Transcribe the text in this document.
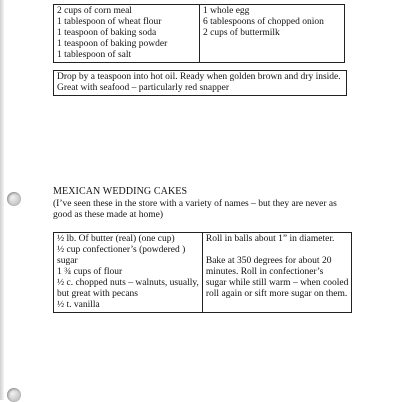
2 cups of corn meal
1 tablespoon of wheat flour
1 teaspoon of baking soda
1 teaspoon of baking powder
1 tablespoon of salt

1 whole egg
6 tablespoons of chopped onion
2 cups of buttermilk
Drop by a teaspoon into hot oil. Ready when golden brown and dry inside.
Great with seafood – particularly red snapper
MEXICAN WEDDING CAKES
(I’ve seen these in the store with a variety of names – but they are never as
good as these made at home)
½ lb. Of butter (real) (one cup)
½ cup confectioner’s (powdered )
sugar
1 ¾ cups of flour
½ c. chopped nuts – walnuts, usually,
but great with pecans
½ t. vanilla

Roll in balls about 1” in diameter.
Bake at 350 degrees for about 20
minutes. Roll in confectioner’s
sugar while still warm – when cooled
roll again or sift more sugar on them.
